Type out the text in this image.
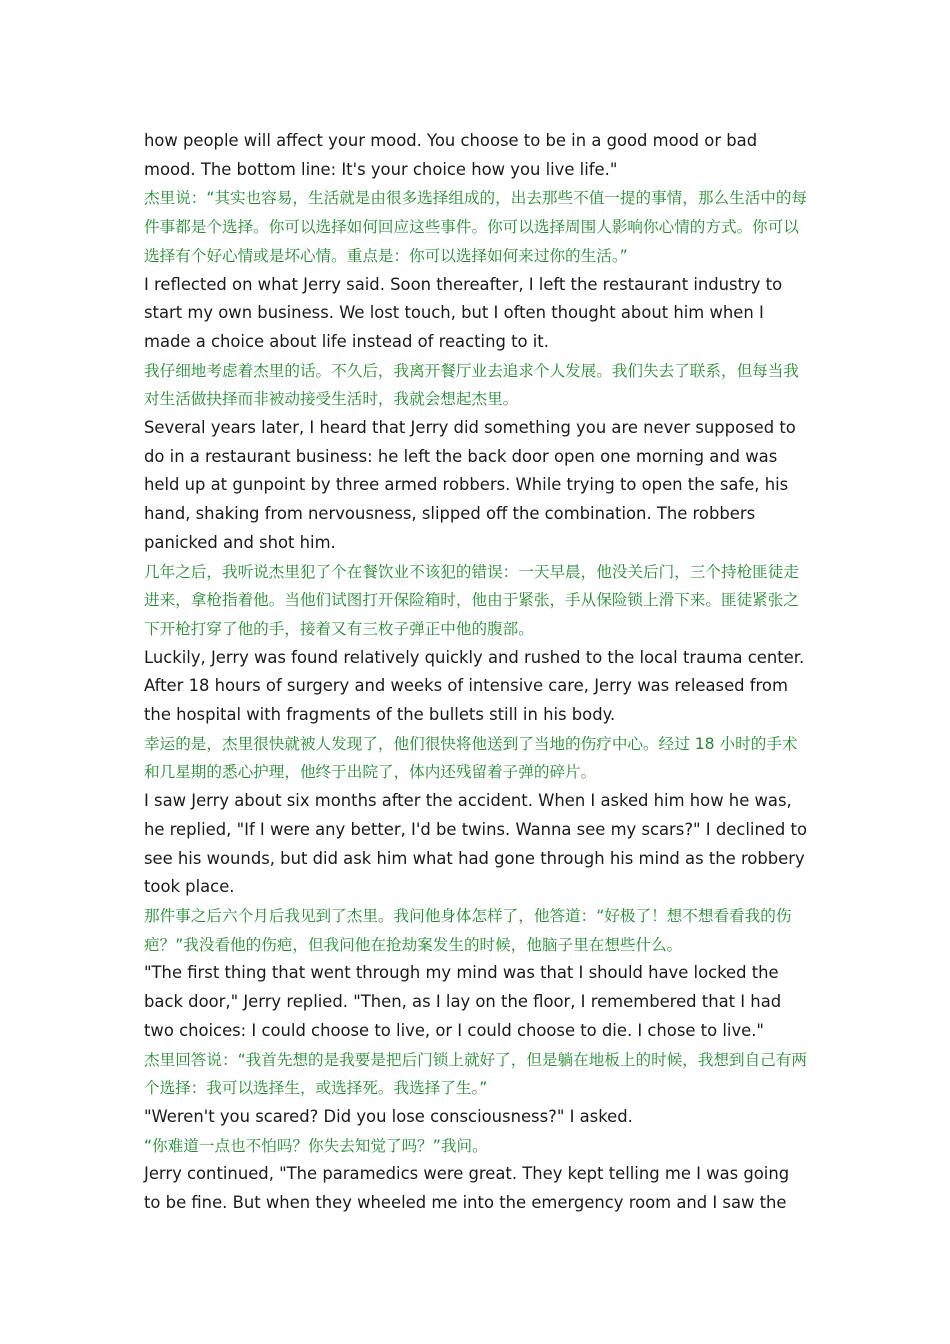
how people will affect your mood. You choose to be in a good mood or bad mood. The bottom line: It's your choice how you live life."

杰里说：“其实也容易，生活就是由很多选择组成的，出去那些不值一提的事情，那么生活中的每件事都是个选择。你可以选择如何回应这些事件。你可以选择周围人影响你心情的方式。你可以选择有个好心情或是坏心情。重点是：你可以选择如何来过你的生活。”

I reflected on what Jerry said. Soon thereafter, I left the restaurant industry to start my own business. We lost touch, but I often thought about him when I made a choice about life instead of reacting to it.

我仔细地考虑着杰里的话。不久后，我离开餐厅业去追求个人发展。我们失去了联系，但每当我对生活做抉择而非被动接受生活时，我就会想起杰里。

Several years later, I heard that Jerry did something you are never supposed to do in a restaurant business: he left the back door open one morning and was held up at gunpoint by three armed robbers. While trying to open the safe, his hand, shaking from nervousness, slipped off the combination. The robbers panicked and shot him.

几年之后，我听说杰里犯了个在餐饮业不该犯的错误：一天早晨，他没关后门，三个持枪匪徒走进来，拿枪指着他。当他们试图打开保险箱时，他由于紧张，手从保险锁上滑下来。匪徒紧张之下开枪打穿了他的手，接着又有三枚子弹正中他的腹部。

Luckily, Jerry was found relatively quickly and rushed to the local trauma center. After 18 hours of surgery and weeks of intensive care, Jerry was released from the hospital with fragments of the bullets still in his body.

幸运的是，杰里很快就被人发现了，他们很快将他送到了当地的伤疗中心。经过 18 小时的手术和几星期的悉心护理，他终于出院了，体内还残留着子弹的碎片。

I saw Jerry about six months after the accident. When I asked him how he was, he replied, "If I were any better, I'd be twins. Wanna see my scars?" I declined to see his wounds, but did ask him what had gone through his mind as the robbery took place.

那件事之后六个月后我见到了杰里。我问他身体怎样了，他答道：“好极了！想不想看看我的伤疤？”我没看他的伤疤，但我问他在抢劫案发生的时候，他脑子里在想些什么。

"The first thing that went through my mind was that I should have locked the back door," Jerry replied. "Then, as I lay on the floor, I remembered that I had two choices: I could choose to live, or I could choose to die. I chose to live."

杰里回答说：“我首先想的是我要是把后门锁上就好了，但是躺在地板上的时候，我想到自己有两个选择：我可以选择生，或选择死。我选择了生。”

"Weren't you scared? Did you lose consciousness?" I asked.

“你难道一点也不怕吗？你失去知觉了吗？”我问。

Jerry continued, "The paramedics were great. They kept telling me I was going to be fine. But when they wheeled me into the emergency room and I saw the
